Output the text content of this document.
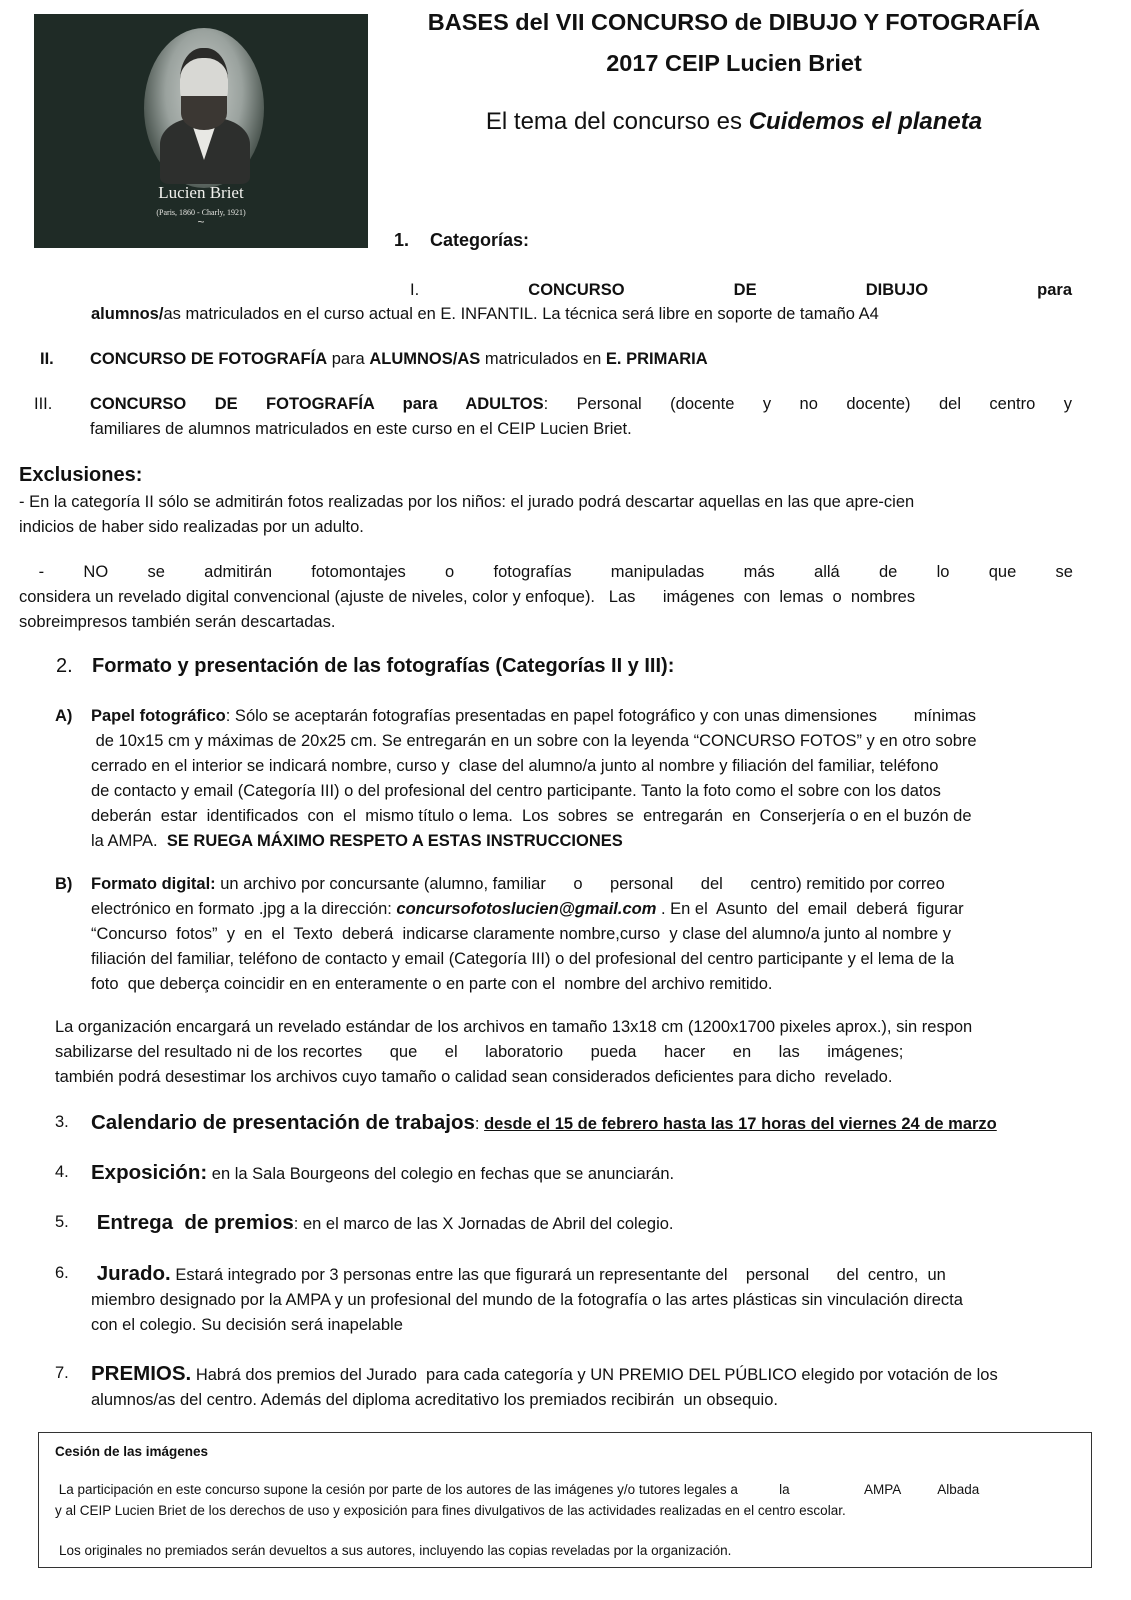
Lucien Briet
(Paris, 1860 - Charly, 1921)
~
BASES del VII CONCURSO de DIBUJO Y FOTOGRAFÍA
2017 CEIP Lucien Briet
El tema del concurso es Cuidemos el planeta
1. Categorías:
I.	CONCURSO	DE	DIBUJO	para
alumnos/as matriculados en el curso actual en E. INFANTIL. La técnica será libre en soporte de tamaño A4
II. CONCURSO DE FOTOGRAFÍA para ALUMNOS/AS matriculados en E. PRIMARIA
III. CONCURSO DE FOTOGRAFÍA para ADULTOS: Personal (docente y no docente) del centro y
familiares de alumnos matriculados en este curso en el CEIP Lucien Briet.
Exclusiones:
- En la categoría II sólo se admitirán fotos realizadas por los niños: el jurado podrá descartar aquellas en las que apre-cien
indicios de haber sido realizadas por un adulto.
-  NO  se  admitirán  fotomontajes  o  fotografías  manipuladas  más  allá  de  lo  que  se
considera un revelado digital convencional (ajuste de niveles, color y enfoque).   Las      imágenes  con  lemas  o  nombres
sobreimpresos también serán descartadas.
2. Formato y presentación de las fotografías (Categorías II y III):
A) Papel fotográfico: Sólo se aceptarán fotografías presentadas en papel fotográfico y con unas dimensiones        mínimas
de 10x15 cm y máximas de 20x25 cm. Se entregarán en un sobre con la leyenda “CONCURSO FOTOS” y en otro sobre
cerrado en el interior se indicará nombre, curso y  clase del alumno/a junto al nombre y filiación del familiar, teléfono
de contacto y email (Categoría III) o del profesional del centro participante. Tanto la foto como el sobre con los datos
deberán  estar  identificados  con  el  mismo título o lema.  Los  sobres  se  entregarán  en  Conserjería o en el buzón de
la AMPA.  SE RUEGA MÁXIMO RESPETO A ESTAS INSTRUCCIONES
B) Formato digital: un archivo por concursante (alumno, familiar      o      personal      del      centro) remitido por correo
electrónico en formato .jpg a la dirección: concursofotoslucien@gmail.com . En el  Asunto  del  email  deberá  figurar
“Concurso  fotos”  y  en  el  Texto  deberá  indicarse claramente nombre,curso  y clase del alumno/a junto al nombre y
filiación del familiar, teléfono de contacto y email (Categoría III) o del profesional del centro participante y el lema de la
foto  que deberça coincidir en en enteramente o en parte con el  nombre del archivo remitido.
La organización encargará un revelado estándar de los archivos en tamaño 13x18 cm (1200x1700 pixeles aprox.), sin respon
sabilizarse del resultado ni de los recortes      que      el      laboratorio      pueda      hacer      en      las      imágenes;
también podrá desestimar los archivos cuyo tamaño o calidad sean considerados deficientes para dicho  revelado.
3. Calendario de presentación de trabajos: desde el 15 de febrero hasta las 17 horas del viernes 24 de marzo
4. Exposición: en la Sala Bourgeons del colegio en fechas que se anunciarán.
5. Entrega  de premios: en el marco de las X Jornadas de Abril del colegio.
6. Jurado. Estará integrado por 3 personas entre las que figurará un representante del    personal      del  centro,  un
miembro designado por la AMPA y un profesional del mundo de la fotografía o las artes plásticas sin vinculación directa
con el colegio. Su decisión será inapelable
7. PREMIOS. Habrá dos premios del Jurado  para cada categoría y UN PREMIO DEL PÚBLICO elegido por votación de los
alumnos/as del centro. Además del diploma acreditativo los premiados recibirán  un obsequio.
Cesión de las imágenes
La participación en este concurso supone la cesión por parte de los autores de las imágenes y/o tutores legales a           la                    AMPA          Albada
y al CEIP Lucien Briet de los derechos de uso y exposición para fines divulgativos de las actividades realizadas en el centro escolar.
Los originales no premiados serán devueltos a sus autores, incluyendo las copias reveladas por la organización.
